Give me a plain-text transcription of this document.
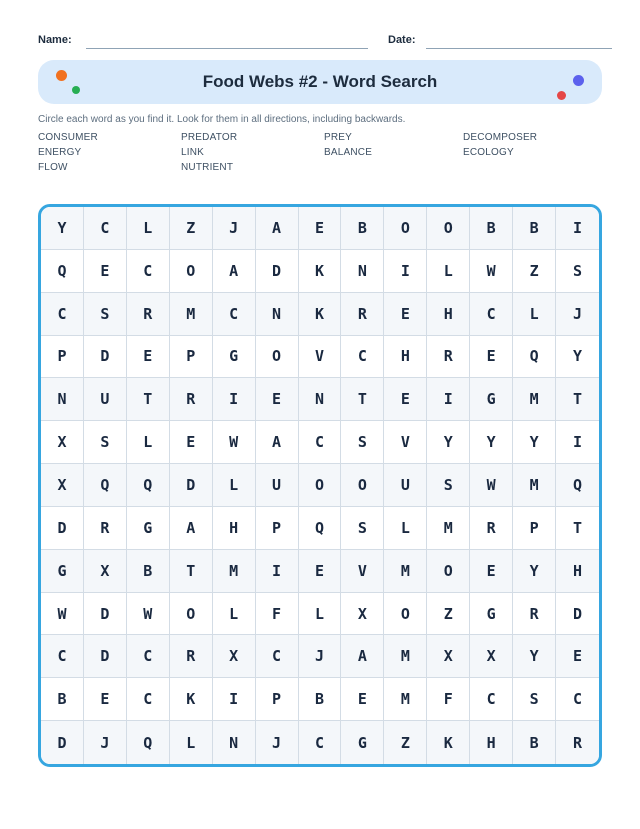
Name:	Date:
Food Webs #2 - Word Search
Circle each word as you find it. Look for them in all directions, including backwards.
CONSUMER
ENERGY
FLOW
PREDATOR
LINK
NUTRIENT
PREY
BALANCE
DECOMPOSER
ECOLOGY
Y	C	L	Z	J	A	E	B	O	O	B	B	I
Q	E	C	O	A	D	K	N	I	L	W	Z	S
C	S	R	M	C	N	K	R	E	H	C	L	J
P	D	E	P	G	O	V	C	H	R	E	Q	Y
N	U	T	R	I	E	N	T	E	I	G	M	T
X	S	L	E	W	A	C	S	V	Y	Y	Y	I
X	Q	Q	D	L	U	O	O	U	S	W	M	Q
D	R	G	A	H	P	Q	S	L	M	R	P	T
G	X	B	T	M	I	E	V	M	O	E	Y	H
W	D	W	O	L	F	L	X	O	Z	G	R	D
C	D	C	R	X	C	J	A	M	X	X	Y	E
B	E	C	K	I	P	B	E	M	F	C	S	C
D	J	Q	L	N	J	C	G	Z	K	H	B	R
